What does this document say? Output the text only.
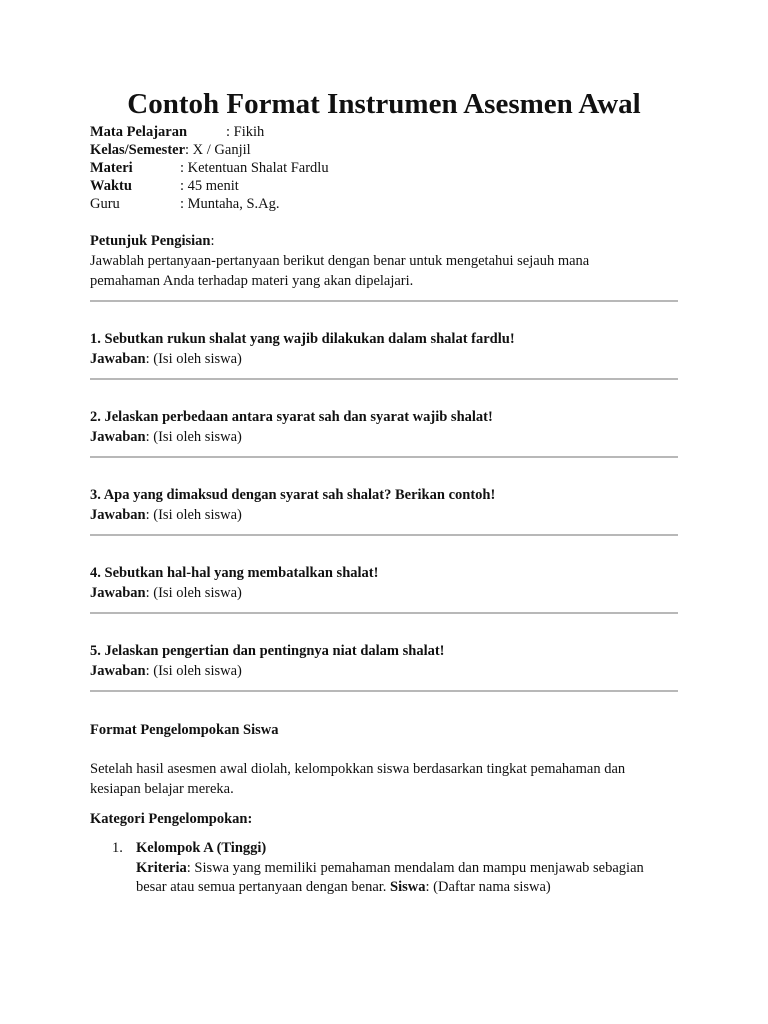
Contoh Format Instrumen Asesmen Awal
Mata Pelajaran	: Fikih
Kelas/Semester: X / Ganjil
Materi	: Ketentuan Shalat Fardlu
Waktu	: 45 menit
Guru	: Muntaha, S.Ag.
Petunjuk Pengisian:
Jawablah pertanyaan-pertanyaan berikut dengan benar untuk mengetahui sejauh mana
pemahaman Anda terhadap materi yang akan dipelajari.
1. Sebutkan rukun shalat yang wajib dilakukan dalam shalat fardlu!
Jawaban: (Isi oleh siswa)
2. Jelaskan perbedaan antara syarat sah dan syarat wajib shalat!
Jawaban: (Isi oleh siswa)
3. Apa yang dimaksud dengan syarat sah shalat? Berikan contoh!
Jawaban: (Isi oleh siswa)
4. Sebutkan hal-hal yang membatalkan shalat!
Jawaban: (Isi oleh siswa)
5. Jelaskan pengertian dan pentingnya niat dalam shalat!
Jawaban: (Isi oleh siswa)
Format Pengelompokan Siswa
Setelah hasil asesmen awal diolah, kelompokkan siswa berdasarkan tingkat pemahaman dan
kesiapan belajar mereka.
Kategori Pengelompokan:
1. Kelompok A (Tinggi)
Kriteria: Siswa yang memiliki pemahaman mendalam dan mampu menjawab sebagian
besar atau semua pertanyaan dengan benar. Siswa: (Daftar nama siswa)
